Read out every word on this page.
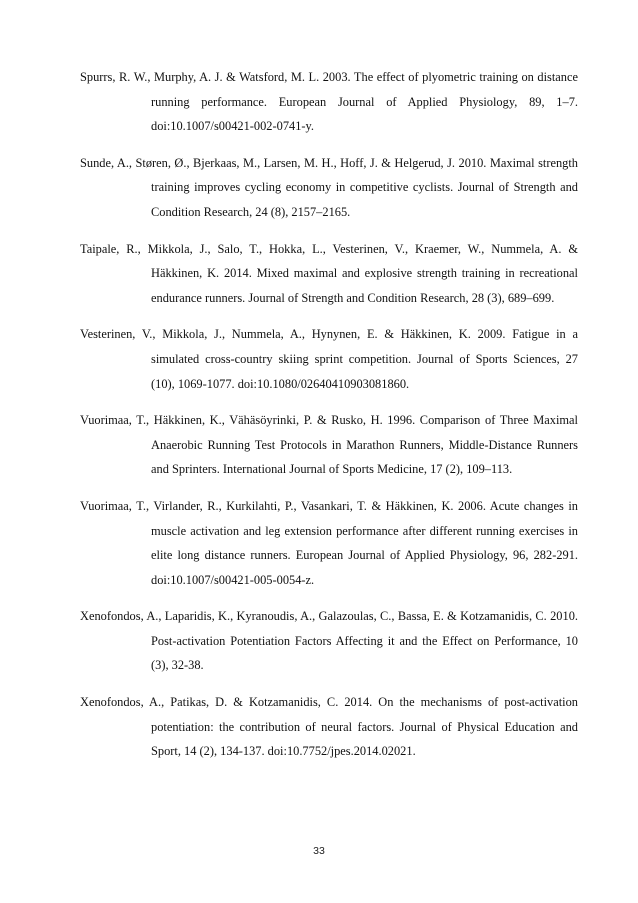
Spurrs, R. W., Murphy, A. J. & Watsford, M. L. 2003. The effect of plyometric training on distance running performance. European Journal of Applied Physiology, 89, 1–7. doi:10.1007/s00421-002-0741-y.
Sunde, A., Støren, Ø., Bjerkaas, M., Larsen, M. H., Hoff, J. & Helgerud, J. 2010. Maximal strength training improves cycling economy in competitive cyclists. Journal of Strength and Condition Research, 24 (8), 2157–2165.
Taipale, R., Mikkola, J., Salo, T., Hokka, L., Vesterinen, V., Kraemer, W., Nummela, A. & Häkkinen, K. 2014. Mixed maximal and explosive strength training in recreational endurance runners. Journal of Strength and Condition Research, 28 (3), 689–699.
Vesterinen, V., Mikkola, J., Nummela, A., Hynynen, E. & Häkkinen, K. 2009. Fatigue in a simulated cross-country skiing sprint competition. Journal of Sports Sciences, 27 (10), 1069-1077. doi:10.1080/02640410903081860.
Vuorimaa, T., Häkkinen, K., Vähäsöyrinki, P. & Rusko, H. 1996. Comparison of Three Maximal Anaerobic Running Test Protocols in Marathon Runners, Middle-Distance Runners and Sprinters. International Journal of Sports Medicine, 17 (2), 109–113.
Vuorimaa, T., Virlander, R., Kurkilahti, P., Vasankari, T. & Häkkinen, K. 2006. Acute changes in muscle activation and leg extension performance after different running exercises in elite long distance runners. European Journal of Applied Physiology, 96, 282-291. doi:10.1007/s00421-005-0054-z.
Xenofondos, A., Laparidis, K., Kyranoudis, A., Galazoulas, C., Bassa, E. & Kotzamanidis, C. 2010. Post-activation Potentiation Factors Affecting it and the Effect on Performance, 10 (3), 32-38.
Xenofondos, A., Patikas, D. & Kotzamanidis, C. 2014. On the mechanisms of post-activation potentiation: the contribution of neural factors. Journal of Physical Education and Sport, 14 (2), 134-137. doi:10.7752/jpes.2014.02021.
33
